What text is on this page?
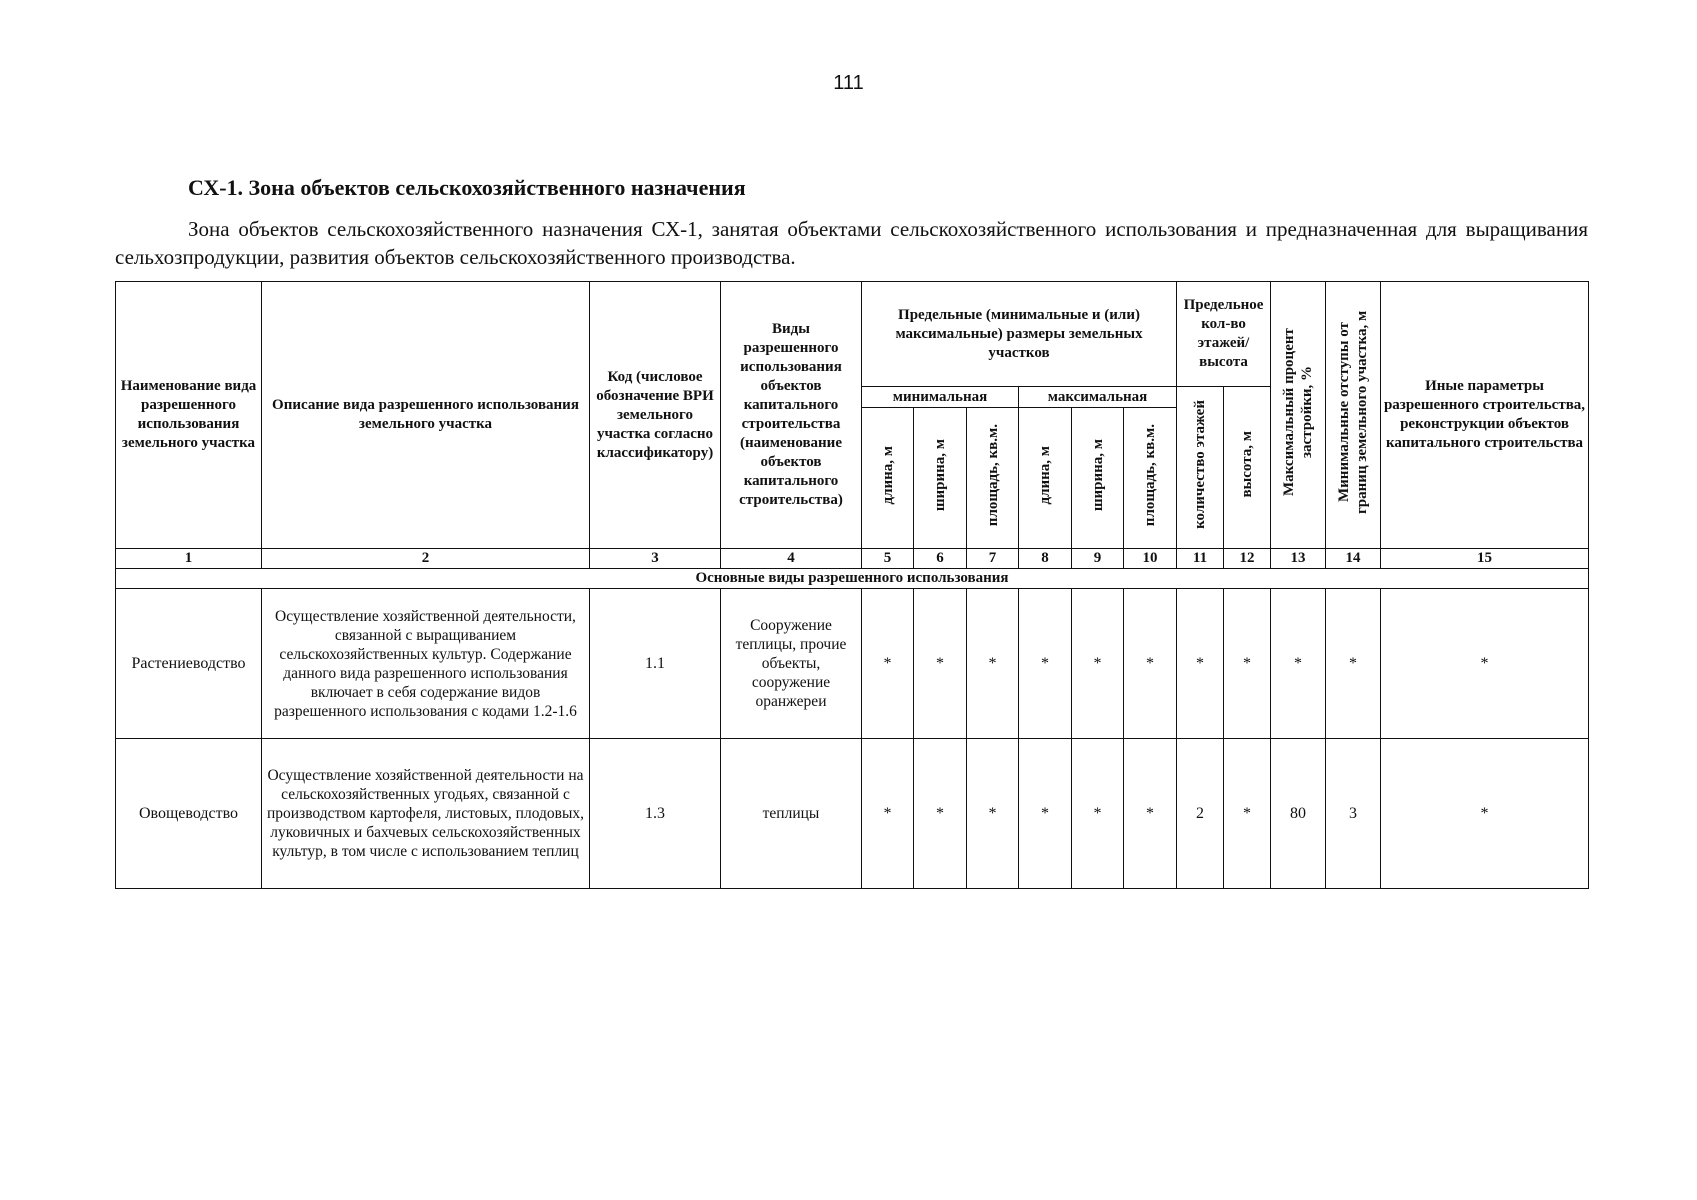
111
СХ-1. Зона объектов сельскохозяйственного назначения
Зона объектов сельскохозяйственного назначения СХ-1, занятая объектами сельскохозяйственного использования и предназначенная для выращивания сельхозпродукции, развития объектов сельскохозяйственного производства.
Наименование вида разрешенного использования земельного участка	Описание вида разрешенного использования земельного участка	Код (числовое обозначение ВРИ земельного участка согласно классификатору)	Виды разрешенного использования объектов капитального строительства (наименование объектов капитального строительства)	Предельные (минимальные и (или) максимальные) размеры земельных участков						Предельное кол-во этажей/ высота		Максимальный процент застройки, %	Минимальные отступы от границ земельного участка, м	Иные параметры разрешенного строительства, реконструкции объектов капитального строительства
				минимальная			максимальная			количество этажей	высота, м			
				длина, м	ширина, м	площадь, кв.м.	длина, м	ширина, м	площадь, кв.м.					
1	2	3	4	5	6	7	8	9	10	11	12	13	14	15
Основные виды разрешенного использования														
Растениеводство	Осуществление хозяйственной деятельности, связанной с выращиванием сельскохозяйственных культур. Содержание данного вида разрешенного использования включает в себя содержание видов разрешенного использования с кодами 1.2-1.6	1.1	Сооружение теплицы, прочие объекты, сооружение оранжереи	*	*	*	*	*	*	*	*	*	*	*
Овощеводство	Осуществление хозяйственной деятельности на сельскохозяйственных угодьях, связанной с производством картофеля, листовых, плодовых, луковичных и бахчевых сельскохозяйственных культур, в том числе с использованием теплиц	1.3	теплицы	*	*	*	*	*	*	2	*	80	3	*
